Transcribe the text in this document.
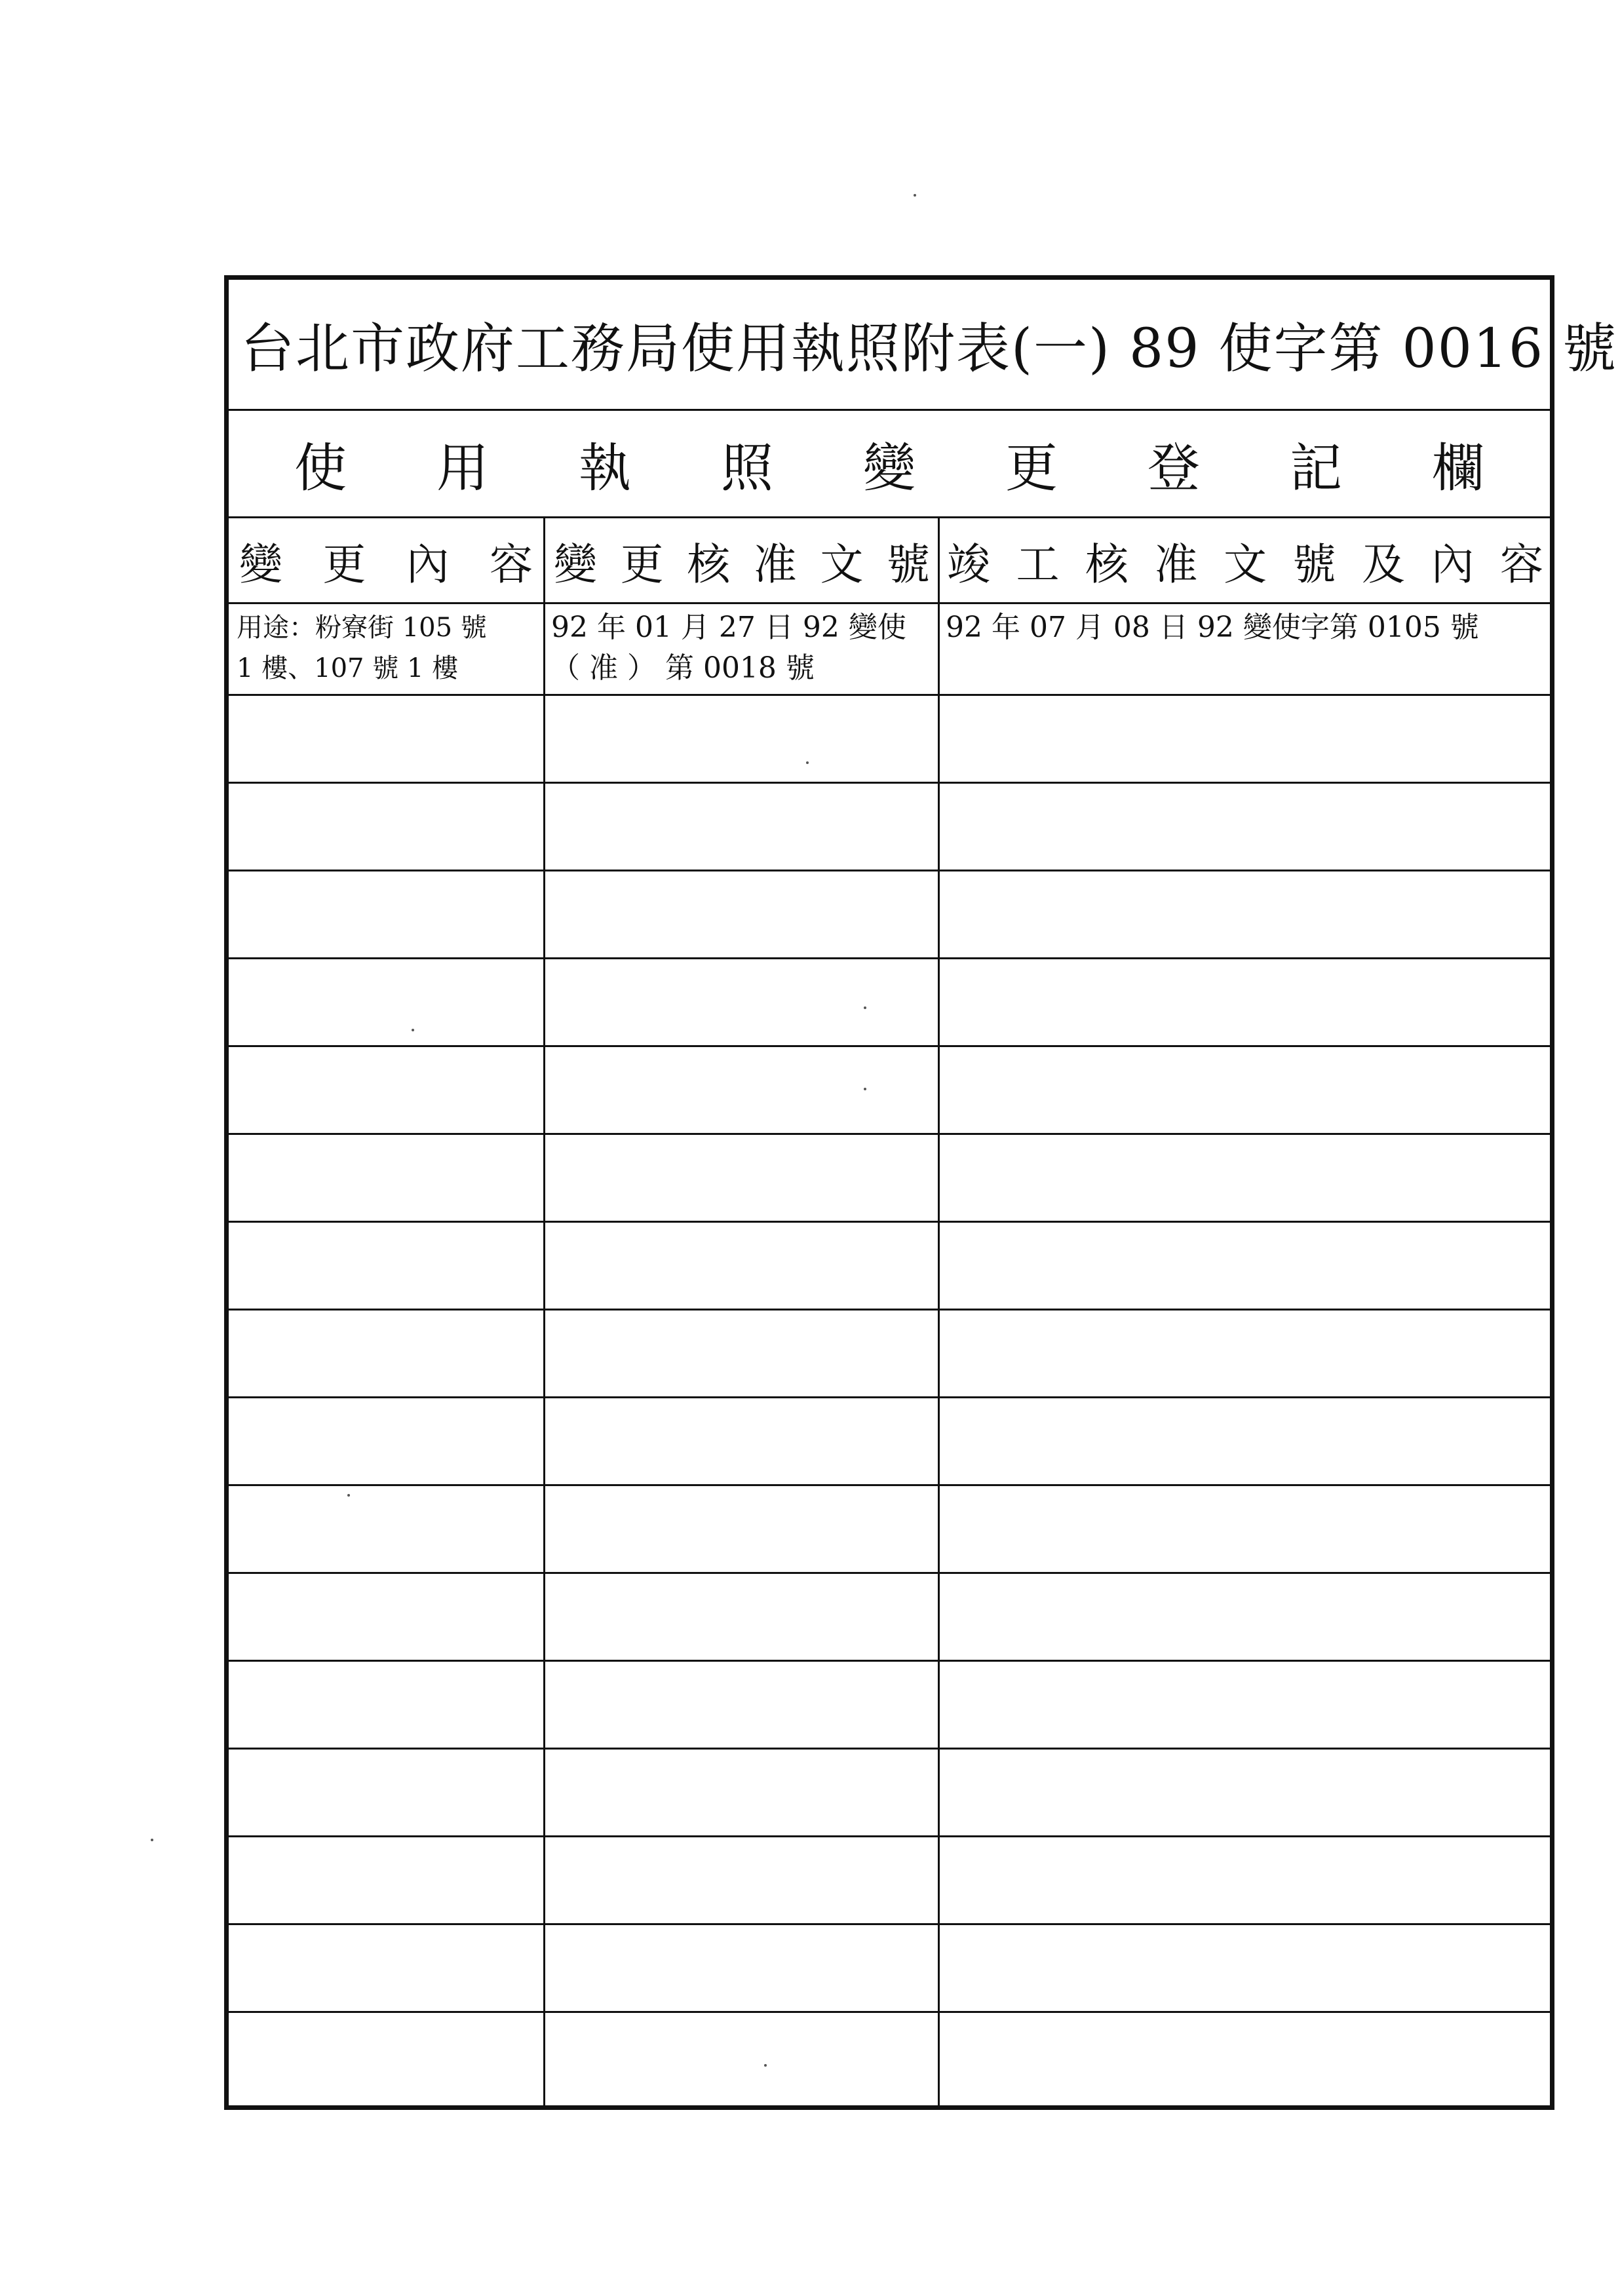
台北市政府工務局使用執照附表(一) 89 使字第 0016 號
使 用 執 照 變 更 登 記 欄
變 更 內 容 變 更 核 准 文 號 竣 工 核 准 文 號 及 內 容
用途：粉寮街 105 號
1 樓、107 號 1 樓
92 年 01 月 27 日 92 變使
（ 准 ） 第 0018 號
92 年 07 月 08 日 92 變使字第 0105 號
